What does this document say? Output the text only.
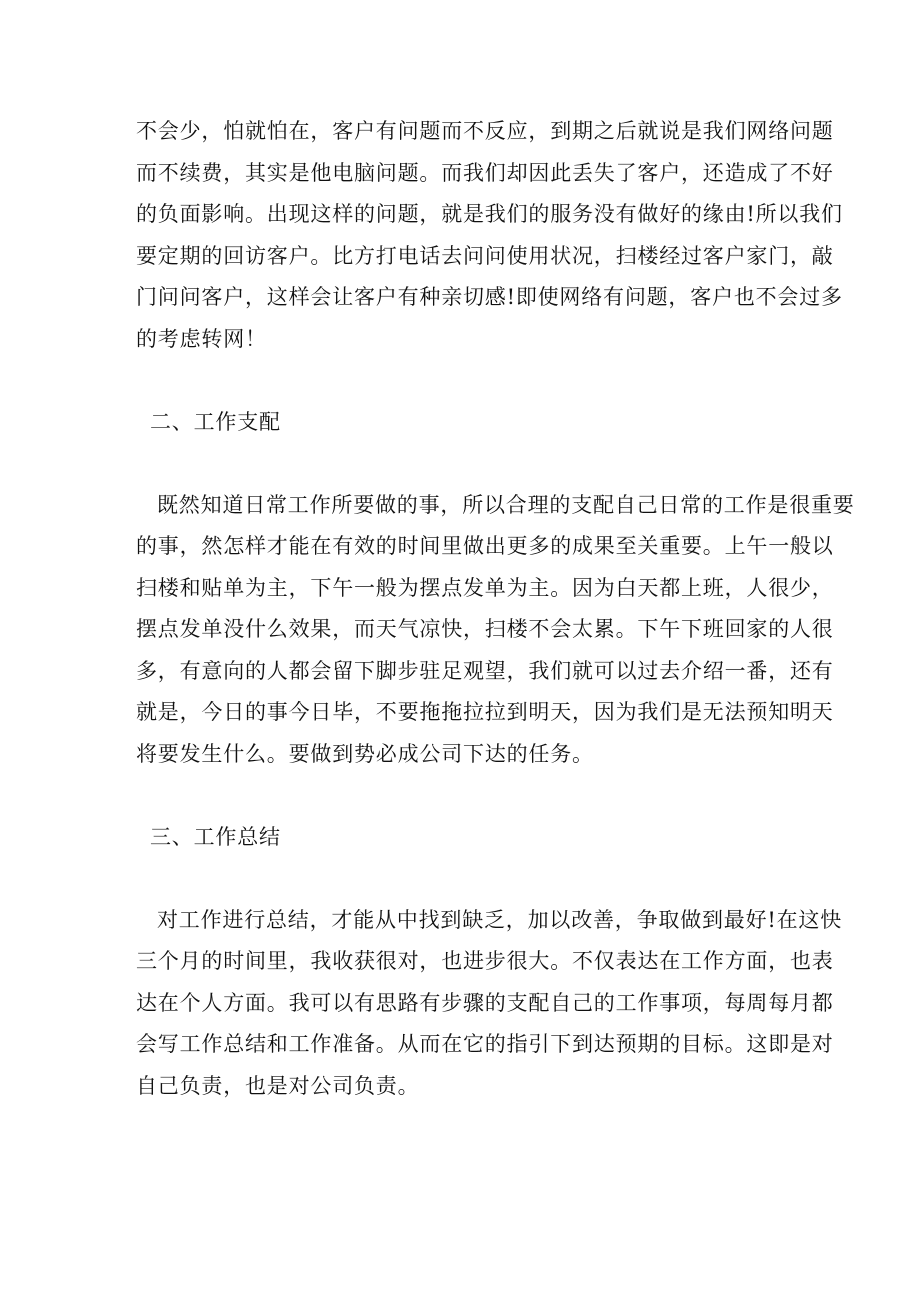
不会少，怕就怕在，客户有问题而不反应，到期之后就说是我们网络问题
而不续费，其实是他电脑问题。而我们却因此丢失了客户，还造成了不好
的负面影响。出现这样的问题，就是我们的服务没有做好的缘由!所以我们
要定期的回访客户。比方打电话去问问使用状况，扫楼经过客户家门，敲
门问问客户，这样会让客户有种亲切感!即使网络有问题，客户也不会过多
的考虑转网！
二、工作支配
既然知道日常工作所要做的事，所以合理的支配自己日常的工作是很重要
的事，然怎样才能在有效的时间里做出更多的成果至关重要。上午一般以
扫楼和贴单为主，下午一般为摆点发单为主。因为白天都上班，人很少，
摆点发单没什么效果，而天气凉快，扫楼不会太累。下午下班回家的人很
多，有意向的人都会留下脚步驻足观望，我们就可以过去介绍一番，还有
就是，今日的事今日毕，不要拖拖拉拉到明天，因为我们是无法预知明天
将要发生什么。要做到势必成公司下达的任务。
三、工作总结
对工作进行总结，才能从中找到缺乏，加以改善，争取做到最好!在这快
三个月的时间里，我收获很对，也进步很大。不仅表达在工作方面，也表
达在个人方面。我可以有思路有步骤的支配自己的工作事项，每周每月都
会写工作总结和工作准备。从而在它的指引下到达预期的目标。这即是对
自己负责，也是对公司负责。
